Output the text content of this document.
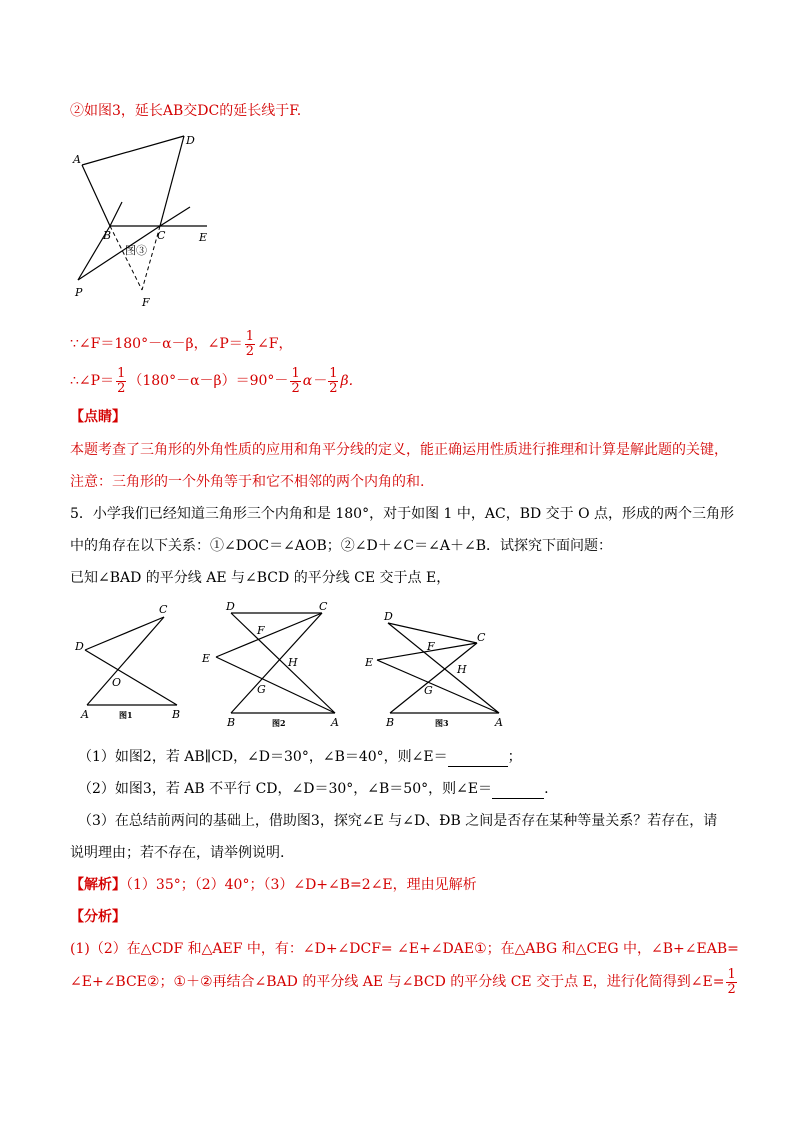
②如图3，延长AB交DC的延长线于F.
A
D
B	C	E
P
F
图③
∵∠F＝180°－α－β，∠P＝ $\frac{1}{2}$ ∠F，
∴∠P＝ $\frac{1}{2} (180^\circ-\alpha-\beta)=90^\circ- \frac{1}{2} \alpha- \frac{1}{2} \beta$.
【点睛】
本题考查了三角形的外角性质的应用和角平分线的定义，能正确运用性质进行推理和计算是解此题的关键，
注意：三角形的一个外角等于和它不相邻的两个内角的和.
5．小学我们已经知道三角形三个内角和是 180°，对于如图 1 中，AC，BD 交于 O 点，形成的两个三角形
中的角存在以下关系：①∠DOC＝∠AOB；②∠D＋∠C＝∠A＋∠B．试探究下面问题：
已知∠BAD 的平分线 AE 与∠BCD 的平分线 CE 交于点 E，
D
C
O
A	B
图1
D	C
F
E	H
G
B	A
图2
D
C
F
E
H
G
B	A
图3
（1）如图2，若 AB∥CD，∠D＝30°，∠B＝40°，则∠E＝	；
（2）如图3，若 AB 不平行 CD，∠D＝30°，∠B＝50°，则∠E＝	.
（3）在总结前两问的基础上，借助图3，探究∠E 与∠D、ÐB 之间是否存在某种等量关系？若存在，请
说明理由；若不存在，请举例说明.
【解析】（1）35°；（2）40°；（3）∠D+∠B=2∠E，理由见解析
【分析】
(1)（2）在△CDF 和△AEF 中，有：∠D+∠DCF= ∠E+∠DAE①；在△ABG 和△CEG 中，∠B+∠EAB=
∠E+∠BCE②；①＋②再结合∠BAD 的平分线 AE 与∠BCD 的平分线 CE 交于点 E，进行化简得到∠E= $\frac{1}{2}$
